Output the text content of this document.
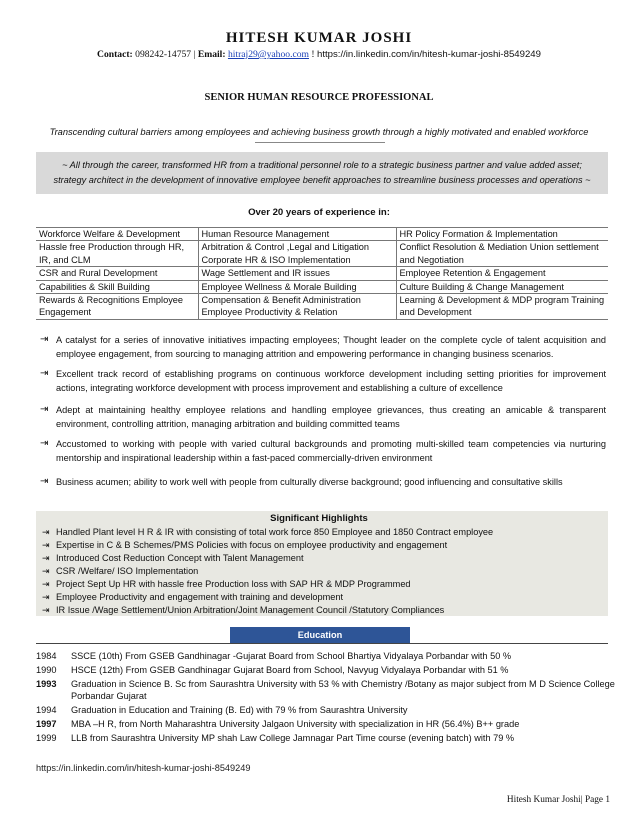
HITESH KUMAR JOSHI
Contact: 098242-14757 | Email: hitraj29@yahoo.com ! https://in.linkedin.com/in/hitesh-kumar-joshi-8549249
SENIOR HUMAN RESOURCE PROFESSIONAL
Transcending cultural barriers among employees and achieving business growth through a highly motivated and enabled workforce
~ All through the career, transformed HR from a traditional personnel role to a strategic business partner and value added asset;
strategy architect in the development of innovative employee benefit approaches to streamline business processes and operations ~
Over 20 years of experience in:
Workforce Welfare & Development	Human Resource Management	HR Policy Formation & Implementation
Hassle free Production through HR, IR, and CLM	Arbitration & Control ,Legal and Litigation Corporate HR & ISO Implementation	Conflict Resolution & Mediation Union settlement and Negotiation
CSR and Rural Development	Wage Settlement and IR issues	Employee Retention & Engagement
Capabilities & Skill Building	Employee Wellness & Morale Building	Culture Building & Change Management
Rewards & Recognitions Employee Engagement	Compensation & Benefit Administration Employee Productivity & Relation	Learning & Development & MDP program Training and Development
⇥ A catalyst for a series of innovative initiatives impacting employees; Thought leader on the complete cycle of talent acquisition and employee engagement, from sourcing to managing attrition and empowering performance in changing business scenarios.
⇥ Excellent track record of establishing programs on continuous workforce development including setting priorities for improvement actions, integrating workforce development with process improvement and establishing a culture of excellence
⇥ Adept at maintaining healthy employee relations and handling employee grievances, thus creating an amicable & transparent environment, controlling attrition, managing arbitration and building committed teams
⇥ Accustomed to working with people with varied cultural backgrounds and promoting multi-skilled team competencies via nurturing mentorship and inspirational leadership within a fast-paced commercially-driven environment
⇥ Business acumen; ability to work well with people from culturally diverse background; good influencing and consultative skills
Significant Highlights
⇥ Handled Plant level H R & IR with consisting of total work force 850 Employee and 1850 Contract employee
⇥ Expertise in C & B Schemes/PMS Policies with focus on employee productivity and engagement
⇥ Introduced Cost Reduction Concept with Talent Management
⇥ CSR /Welfare/ ISO Implementation
⇥ Project Sept Up HR with hassle free Production loss with SAP HR & MDP Programmed
⇥ Employee Productivity and engagement with training and development
⇥ IR Issue /Wage Settlement/Union Arbitration/Joint Management Council /Statutory Compliances
Education
1984	SSCE (10th) From GSEB Gandhinagar -Gujarat Board from School Bhartiya Vidyalaya Porbandar with 50 %
1990	HSCE (12th) From GSEB Gandhinagar Gujarat Board from School, Navyug Vidyalaya Porbandar with 51 %
1993	Graduation in Science B. Sc from Saurashtra University with 53 % with Chemistry /Botany as major subject from M D Science College Porbandar Gujarat
1994	Graduation in Education and Training (B. Ed) with 79 % from Saurashtra University
1997	MBA –H R, from North Maharashtra University Jalgaon University with specialization in HR (56.4%) B++ grade
1999	LLB from Saurashtra University MP shah Law College Jamnagar Part Time course (evening batch) with 79 %
https://in.linkedin.com/in/hitesh-kumar-joshi-8549249
Hitesh Kumar Joshi| Page 1
